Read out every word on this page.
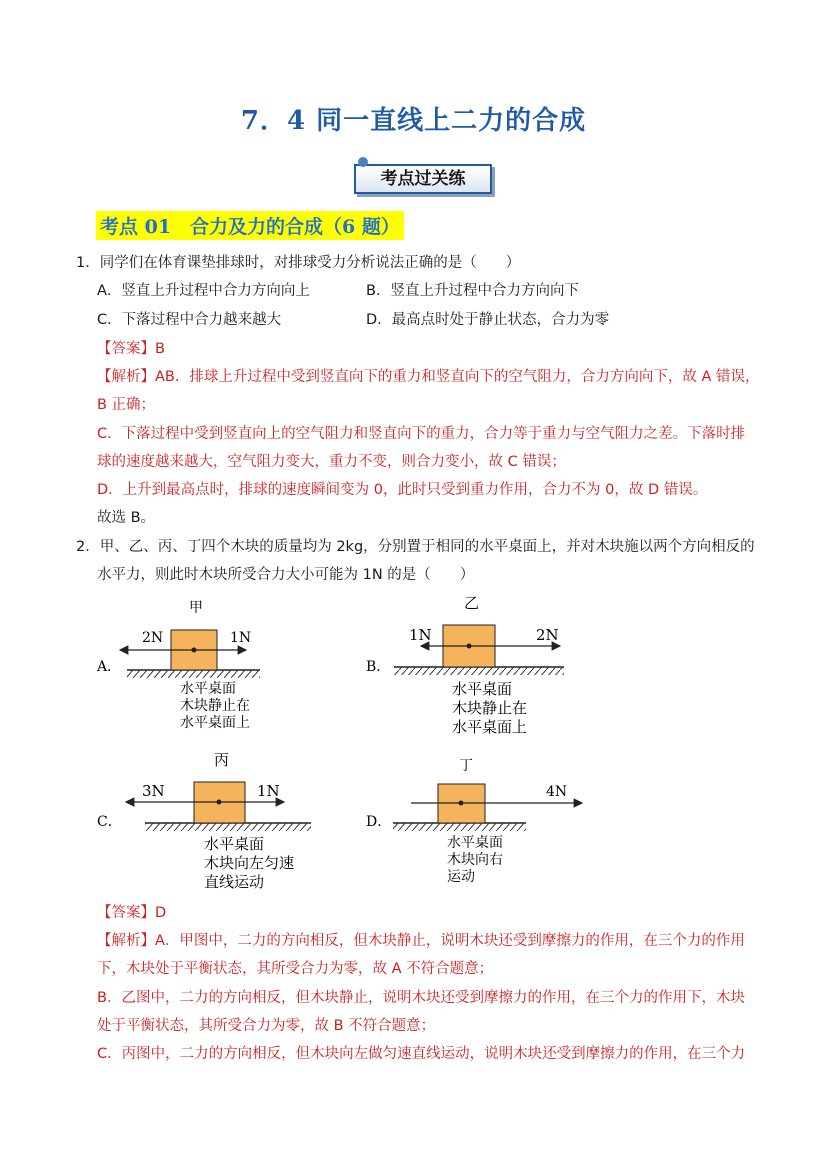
7．4 同一直线上二力的合成
考点过关练
考点 01　合力及力的合成（6 题）
1．同学们在体育课垫排球时，对排球受力分析说法正确的是（　　）
A．竖直上升过程中合力方向向上	B．竖直上升过程中合力方向向下
C．下落过程中合力越来越大	D．最高点时处于静止状态，合力为零
【答案】B
【解析】AB．排球上升过程中受到竖直向下的重力和竖直向下的空气阻力，合力方向向下，故 A 错误，
B 正确；
C．下落过程中受到竖直向上的空气阻力和竖直向下的重力，合力等于重力与空气阻力之差。下落时排
球的速度越来越大，空气阻力变大，重力不变，则合力变小，故 C 错误；
D．上升到最高点时，排球的速度瞬间变为 0，此时只受到重力作用，合力不为 0，故 D 错误。
故选 B。
2．甲、乙、丙、丁四个木块的质量均为 2kg，分别置于相同的水平桌面上，并对木块施以两个方向相反的
水平力，则此时木块所受合力大小可能为 1N 的是（　　）
A．
甲
2N	1N
水平桌面
木块静止在
水平桌面上
B．
乙
1N	2N
水平桌面
木块静止在
水平桌面上
C．
丙
3N	1N
水平桌面
木块向左匀速
直线运动
D．
丁
4N
水平桌面
木块向右
运动
【答案】D
【解析】A．甲图中，二力的方向相反，但木块静止，说明木块还受到摩擦力的作用，在三个力的作用
下，木块处于平衡状态，其所受合力为零，故 A 不符合题意；
B．乙图中，二力的方向相反，但木块静止，说明木块还受到摩擦力的作用，在三个力的作用下，木块
处于平衡状态，其所受合力为零，故 B 不符合题意；
C．丙图中，二力的方向相反，但木块向左做匀速直线运动，说明木块还受到摩擦力的作用，在三个力
